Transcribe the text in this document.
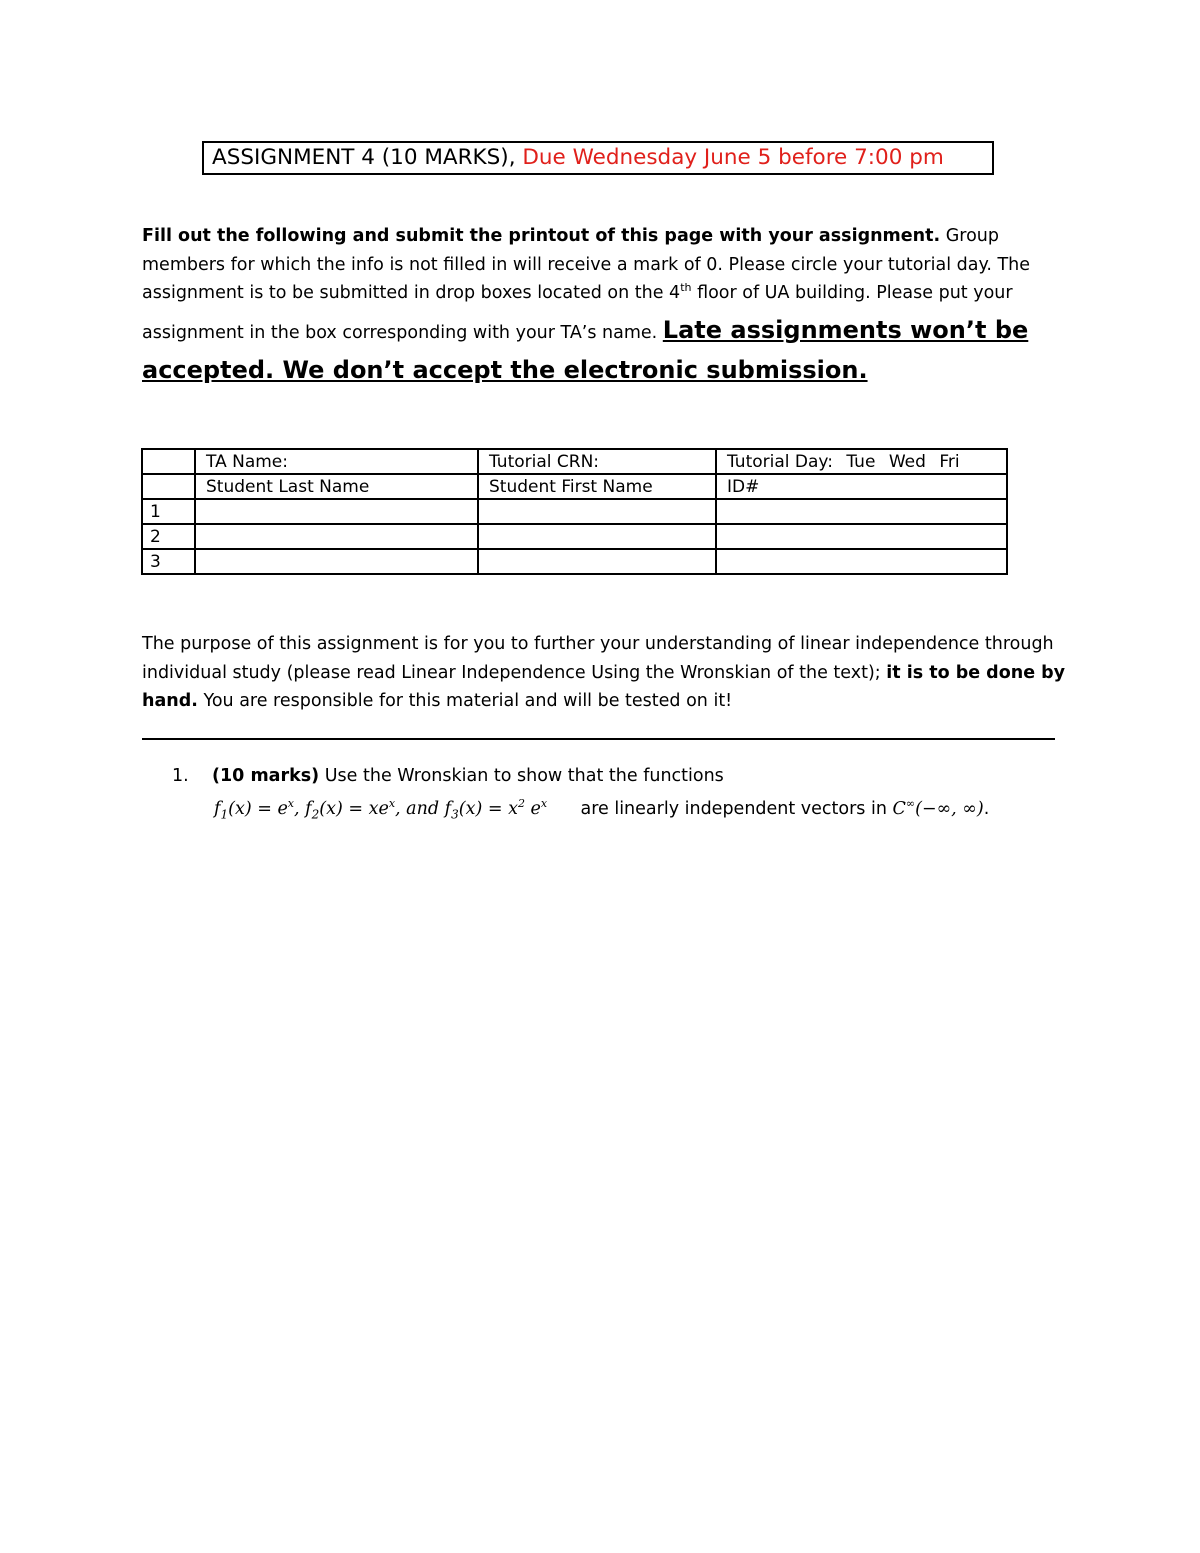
ASSIGNMENT 4 (10 MARKS), Due Wednesday June 5 before 7:00 pm
Fill out the following and submit the printout of this page with your assignment. Group members for which the info is not filled in will receive a mark of 0. Please circle your tutorial day. The assignment is to be submitted in drop boxes located on the 4th floor of UA building. Please put your assignment in the box corresponding with your TA’s name. Late assignments won’t be accepted. We don’t accept the electronic submission.
	TA Name:	Tutorial CRN:	Tutorial Day: Tue Wed Fri
	Student Last Name	Student First Name	ID#
1			
2			
3			
The purpose of this assignment is for you to further your understanding of linear independence through individual study (please read Linear Independence Using the Wronskian of the text); it is to be done by hand. You are responsible for this material and will be tested on it!
1. (10 marks) Use the Wronskian to show that the functions
$f_1(x) = e^x$, $f_2(x) = xe^x$, and $f_3(x) = x^2$ $e^x$ are linearly independent vectors in C∞(−∞, ∞).
